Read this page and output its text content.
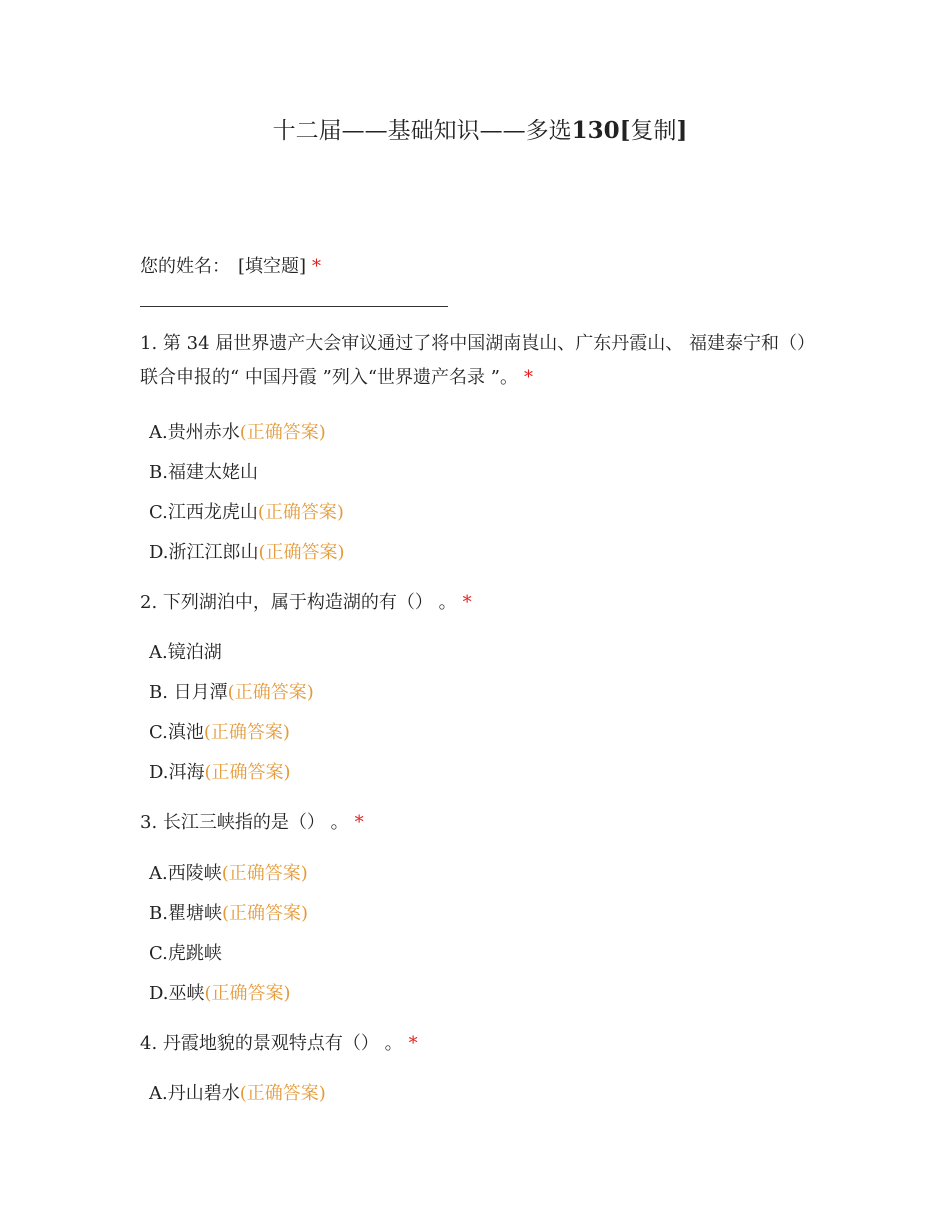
十二届——基础知识——多选130[复制]
您的姓名： [填空题] *
1. 第 34 届世界遗产大会审议通过了将中国湖南崀山、广东丹霞山、 福建泰宁和（） 联合申报的“ 中国丹霞 ”列入“世界遗产名录 ”。 *
A.贵州赤水(正确答案)
B.福建太姥山
C.江西龙虎山(正确答案)
D.浙江江郎山(正确答案)
2. 下列湖泊中，属于构造湖的有（） 。 *
A.镜泊湖
B. 日月潭(正确答案)
C.滇池(正确答案)
D.洱海(正确答案)
3. 长江三峡指的是（） 。 *
A.西陵峡(正确答案)
B.瞿塘峡(正确答案)
C.虎跳峡
D.巫峡(正确答案)
4. 丹霞地貌的景观特点有（） 。 *
A.丹山碧水(正确答案)
